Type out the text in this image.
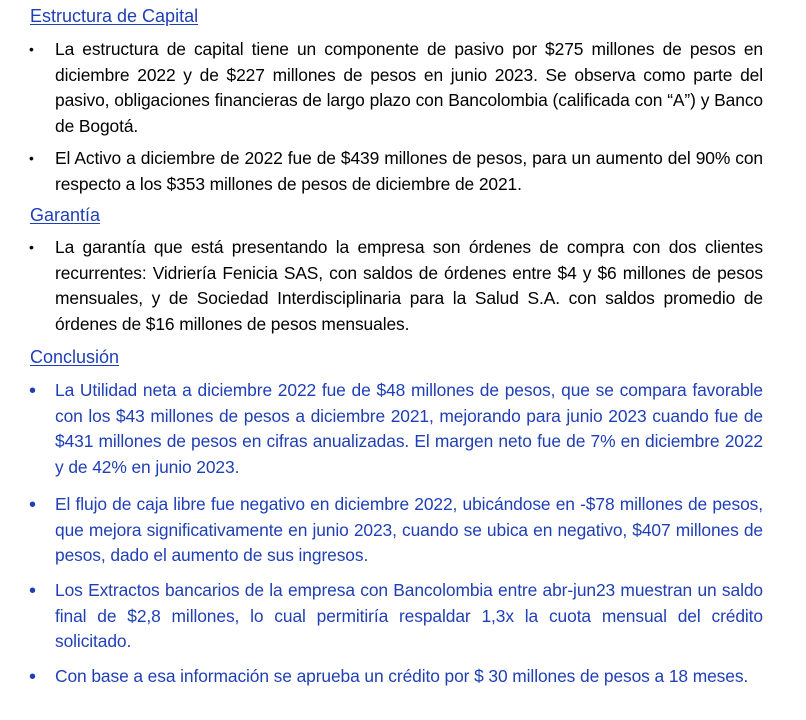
Estructura de Capital
• La estructura de capital tiene un componente de pasivo por $275 millones de pesos en diciembre 2022 y de $227 millones de pesos en junio 2023. Se observa como parte del pasivo, obligaciones financieras de largo plazo con Bancolombia (calificada con “A”) y Banco de Bogotá.
• El Activo a diciembre de 2022 fue de $439 millones de pesos, para un aumento del 90% con respecto a los $353 millones de pesos de diciembre de 2021.
Garantía
• La garantía que está presentando la empresa son órdenes de compra con dos clientes recurrentes: Vidriería Fenicia SAS, con saldos de órdenes entre $4 y $6 millones de pesos mensuales, y de Sociedad Interdisciplinaria para la Salud S.A. con saldos promedio de órdenes de $16 millones de pesos mensuales.
Conclusión
• La Utilidad neta a diciembre 2022 fue de $48 millones de pesos, que se compara favorable con los $43 millones de pesos a diciembre 2021, mejorando para junio 2023 cuando fue de $431 millones de pesos en cifras anualizadas. El margen neto fue de 7% en diciembre 2022 y de 42% en junio 2023.
• El flujo de caja libre fue negativo en diciembre 2022, ubicándose en -$78 millones de pesos, que mejora significativamente en junio 2023, cuando se ubica en negativo, $407 millones de pesos, dado el aumento de sus ingresos.
• Los Extractos bancarios de la empresa con Bancolombia entre abr-jun23 muestran un saldo final de $2,8 millones, lo cual permitiría respaldar 1,3x la cuota mensual del crédito solicitado.
• Con base a esa información se aprueba un crédito por $ 30 millones de pesos a 18 meses.
